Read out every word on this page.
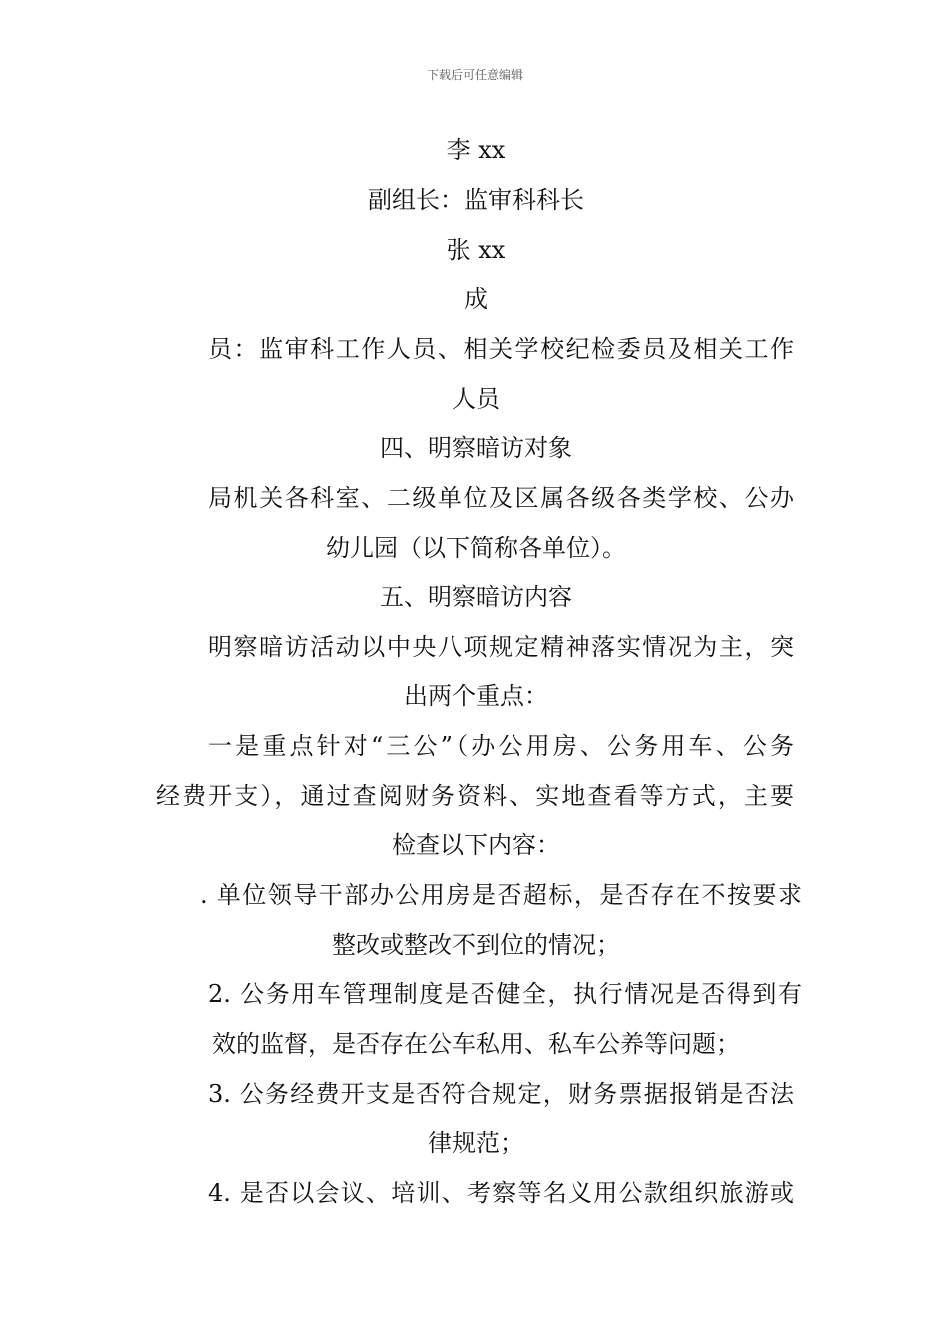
下载后可任意编辑
李 xx
副组长：监审科科长
张 xx
成
员：监审科工作人员、相关学校纪检委员及相关工作
人员
四、明察暗访对象
局机关各科室、二级单位及区属各级各类学校、公办
幼儿园（以下简称各单位）。
五、明察暗访内容
明察暗访活动以中央八项规定精神落实情况为主，突
出两个重点：
一是重点针对“三公”（办公用房、公务用车、公务
经费开支），通过查阅财务资料、实地查看等方式，主要
检查以下内容：
. 单位领导干部办公用房是否超标，是否存在不按要求
整改或整改不到位的情况；
2. 公务用车管理制度是否健全，执行情况是否得到有
效的监督，是否存在公车私用、私车公养等问题；
3. 公务经费开支是否符合规定，财务票据报销是否法
律规范；
4. 是否以会议、培训、考察等名义用公款组织旅游或
